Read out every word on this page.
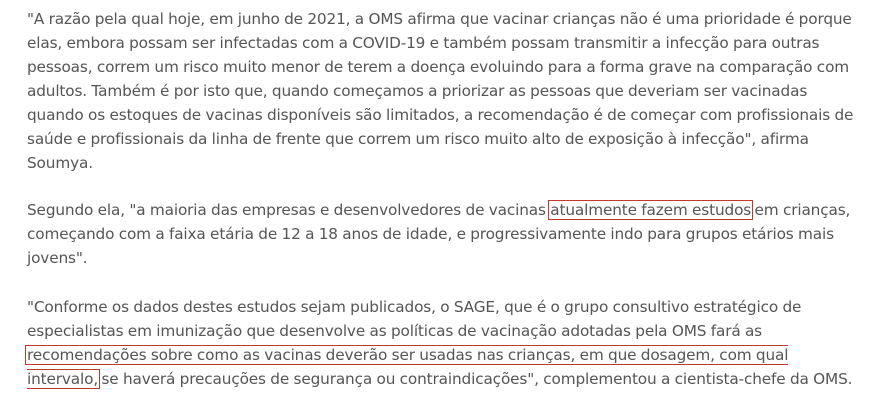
"A razão pela qual hoje, em junho de 2021, a OMS afirma que vacinar crianças não é uma prioridade é porque elas, embora possam ser infectadas com a COVID-19 e também possam transmitir a infecção para outras pessoas, correm um risco muito menor de terem a doença evoluindo para a forma grave na comparação com adultos. Também é por isto que, quando começamos a priorizar as pessoas que deveriam ser vacinadas quando os estoques de vacinas disponíveis são limitados, a recomendação é de começar com profissionais de saúde e profissionais da linha de frente que correm um risco muito alto de exposição à infecção", afirma Soumya.

Segundo ela, "a maioria das empresas e desenvolvedores de vacinas atualmente fazem estudos em crianças, começando com a faixa etária de 12 a 18 anos de idade, e progressivamente indo para grupos etários mais jovens".

"Conforme os dados destes estudos sejam publicados, o SAGE, que é o grupo consultivo estratégico de especialistas em imunização que desenvolve as políticas de vacinação adotadas pela OMS fará as recomendações sobre como as vacinas deverão ser usadas nas crianças, em que dosagem, com qual intervalo, se haverá precauções de segurança ou contraindicações", complementou a cientista-chefe da OMS.
